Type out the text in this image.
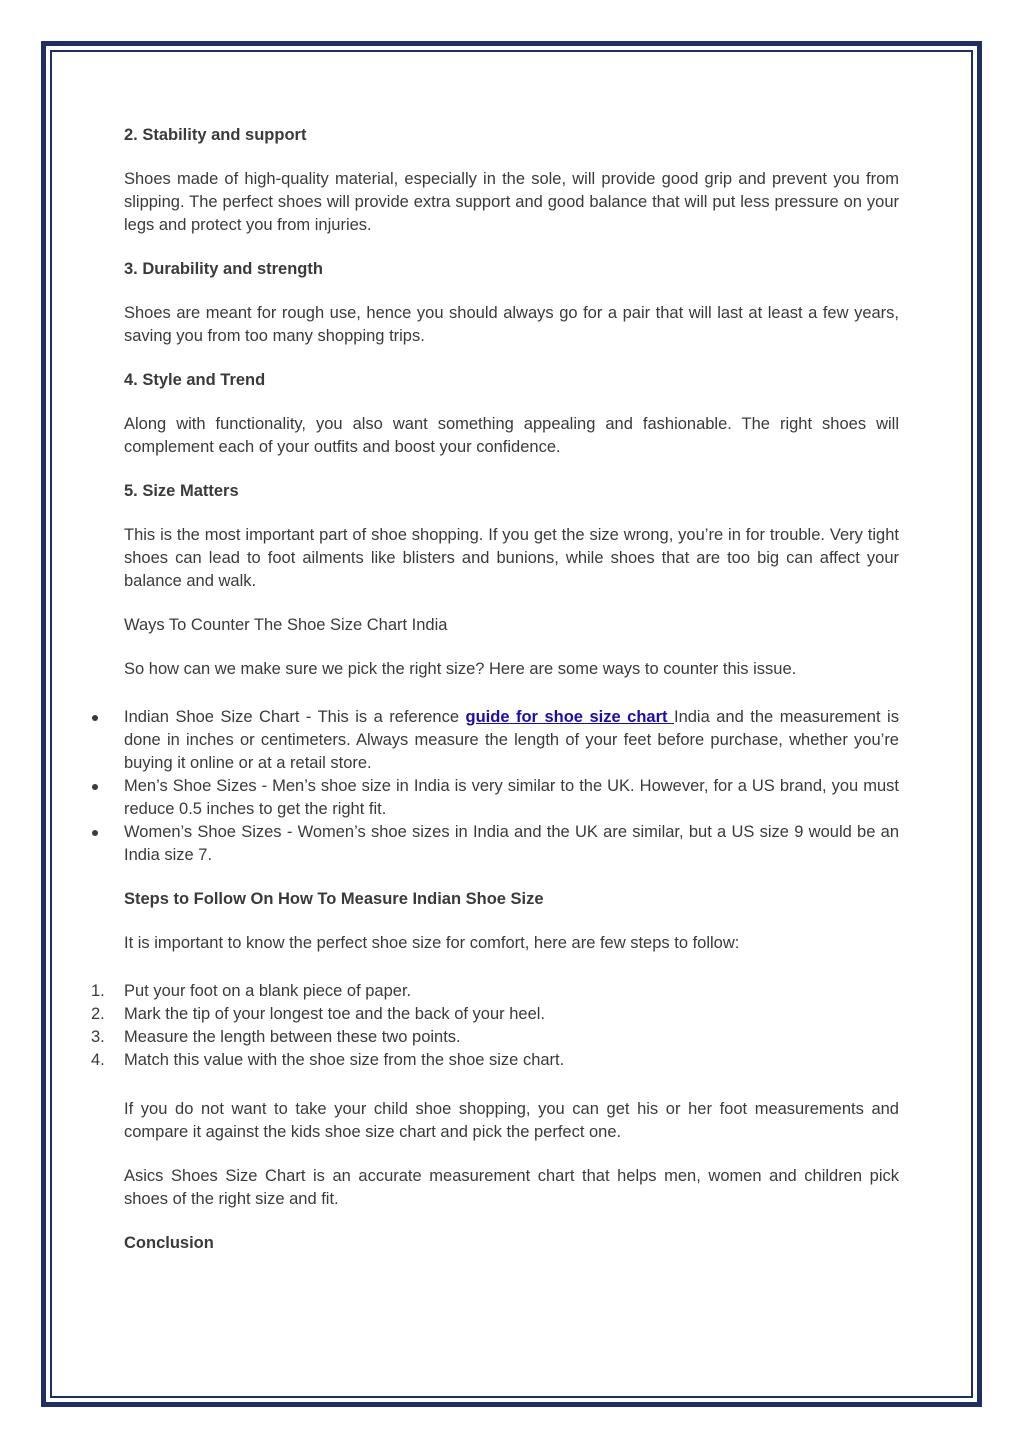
2. Stability and support
Shoes made of high-quality material, especially in the sole, will provide good grip and prevent you from slipping. The perfect shoes will provide extra support and good balance that will put less pressure on your legs and protect you from injuries.
3. Durability and strength
Shoes are meant for rough use, hence you should always go for a pair that will last at least a few years, saving you from too many shopping trips.
4. Style and Trend
Along with functionality, you also want something appealing and fashionable. The right shoes will complement each of your outfits and boost your confidence.
5. Size Matters
This is the most important part of shoe shopping. If you get the size wrong, you’re in for trouble. Very tight shoes can lead to foot ailments like blisters and bunions, while shoes that are too big can affect your balance and walk.
Ways To Counter The Shoe Size Chart India
So how can we make sure we pick the right size? Here are some ways to counter this issue.
Indian Shoe Size Chart - This is a reference guide for shoe size chart India and the measurement is done in inches or centimeters. Always measure the length of your feet before purchase, whether you’re buying it online or at a retail store.
Men’s Shoe Sizes - Men’s shoe size in India is very similar to the UK. However, for a US brand, you must reduce 0.5 inches to get the right fit.
Women’s Shoe Sizes - Women’s shoe sizes in India and the UK are similar, but a US size 9 would be an India size 7.
Steps to Follow On How To Measure Indian Shoe Size
It is important to know the perfect shoe size for comfort, here are few steps to follow:
1. Put your foot on a blank piece of paper.
2. Mark the tip of your longest toe and the back of your heel.
3. Measure the length between these two points.
4. Match this value with the shoe size from the shoe size chart.
If you do not want to take your child shoe shopping, you can get his or her foot measurements and compare it against the kids shoe size chart and pick the perfect one.
Asics Shoes Size Chart is an accurate measurement chart that helps men, women and children pick shoes of the right size and fit.
Conclusion
